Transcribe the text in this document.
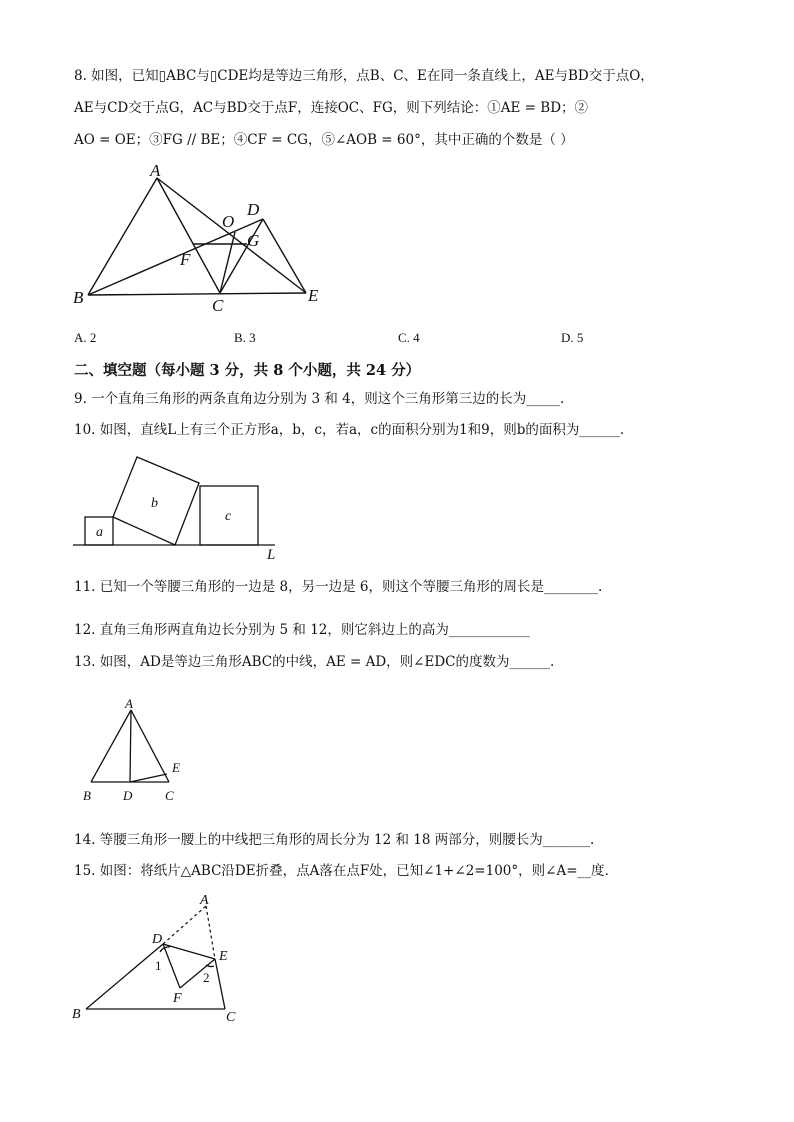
8. 如图，已知▯ABC与▯CDE均是等边三角形，点B、C、E在同一条直线上，AE与BD交于点O，
AE与CD交于点G，AC与BD交于点F，连接OC、FG，则下列结论：①AE = BD；②
AO = OE；③FG // BE；④CF = CG，⑤∠AOB = 60°，其中正确的个数是（ ）
A
O
D
G
F
B	C
E
A. 2	B. 3	C. 4	D. 5
二、填空题（每小题 3 分，共 8 个小题，共 24 分）
9. 一个直角三角形的两条直角边分别为 3 和 4，则这个三角形第三边的长为_____.
10. 如图，直线L上有三个正方形a，b，c，若a，c的面积分别为1和9，则b的面积为______.
a
b
c
L
11. 已知一个等腰三角形的一边是 8，另一边是 6，则这个等腰三角形的周长是________.
12. 直角三角形两直角边长分别为 5 和 12，则它斜边上的高为____________
13. 如图，AD是等边三角形ABC的中线，AE = AD，则∠EDC的度数为______.
A
E
B D	C
14. 等腰三角形一腰上的中线把三角形的周长分为 12 和 18 两部分，则腰长为_______.
15. 如图：将纸片△ABC沿DE折叠，点A落在点F处，已知∠1+∠2=100°，则∠A=__度.
A
D
E
1
2
F
B	C
